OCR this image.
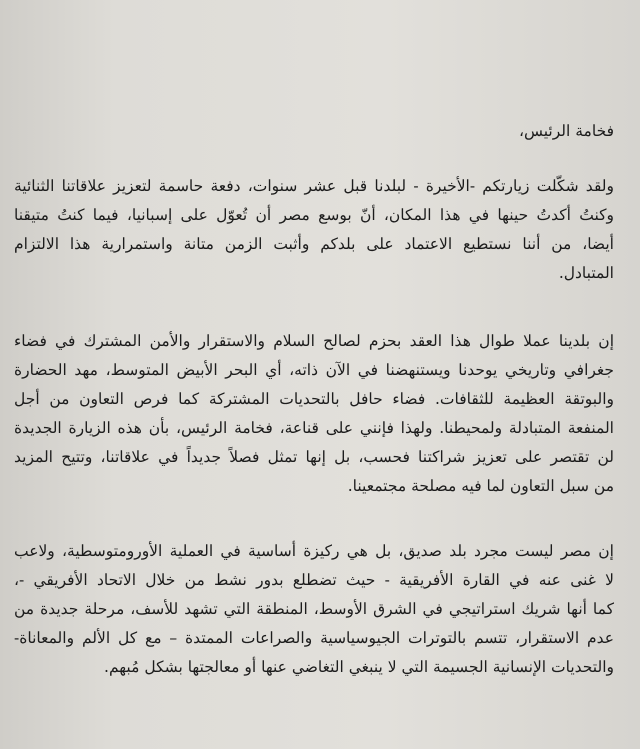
فخامة الرئيس،
ولقد شكّلت زيارتكم -الأخيرة - لبلدنا قبل عشر سنوات، دفعة حاسمة لتعزيز علاقاتنا الثنائية
وكنتُ أكدتُ حينها في هذا المكان، أنّ بوسع مصر أن تُعوّل على إسبانيا، فيما كنتُ متيقنا
أيضا، من أننا نستطيع الاعتماد على بلدكم وأثبت الزمن متانة واستمرارية هذا الالتزام
المتبادل.
إن بلدينا عملا طوال هذا العقد بحزم لصالح السلام والاستقرار والأمن المشترك في فضاء
جغرافي وتاريخي يوحدنا ويستنهضنا في الآن ذاته، أي البحر الأبيض المتوسط، مهد الحضارة
والبوتقة العظيمة للثقافات. فضاء حافل بالتحديات المشتركة كما فرص التعاون من أجل
المنفعة المتبادلة ولمحيطنا. ولهذا فإنني على قناعة، فخامة الرئيس، بأن هذه الزيارة الجديدة
لن تقتصر على تعزيز شراكتنا فحسب، بل إنها تمثل فصلاً جديداً في علاقاتنا، وتتيح المزيد
من سبل التعاون لما فيه مصلحة مجتمعينا.
إن مصر ليست مجرد بلد صديق، بل هي ركيزة أساسية في العملية الأورومتوسطية، ولاعب
لا غنى عنه في القارة الأفريقية - حيث تضطلع بدور نشط من خلال الاتحاد الأفريقي -،
كما أنها شريك استراتيجي في الشرق الأوسط، المنطقة التي تشهد للأسف، مرحلة جديدة من
عدم الاستقرار، تتسم بالتوترات الجيوسياسية والصراعات الممتدة – مع كل الألم والمعاناة-
والتحديات الإنسانية الجسيمة التي لا ينبغي التغاضي عنها أو معالجتها بشكل مُبهم.
